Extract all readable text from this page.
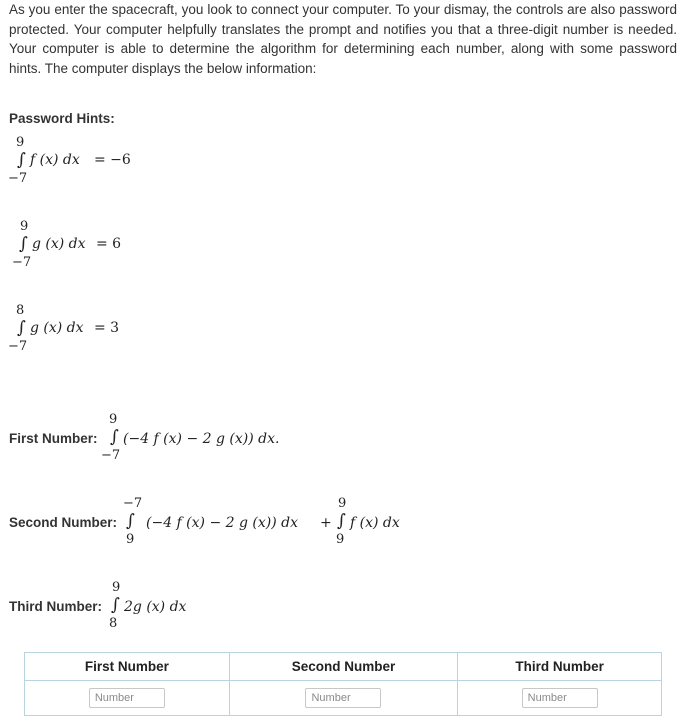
As you enter the spacecraft, you look to connect your computer. To your dismay, the controls are also password protected. Your computer helpfully translates the prompt and notifies you that a three-digit number is needed. Your computer is able to determine the algorithm for determining each number, along with some password hints. The computer displays the below information:

Password Hints:
9
∫
−7
f (x) dx = −6
9
∫
−7
g (x) dx = 6
8
∫
−7
g (x) dx = 3
First Number:
9
∫
−7
(−4 f (x) − 2 g (x)) dx.
Second Number:
−7
∫
9
(−4 f (x) − 2 g (x)) dx +
9
∫
9
f (x) dx
Third Number:
9
∫
8
2g (x) dx
First Number	Second Number	Third Number
Number	Number	Number
